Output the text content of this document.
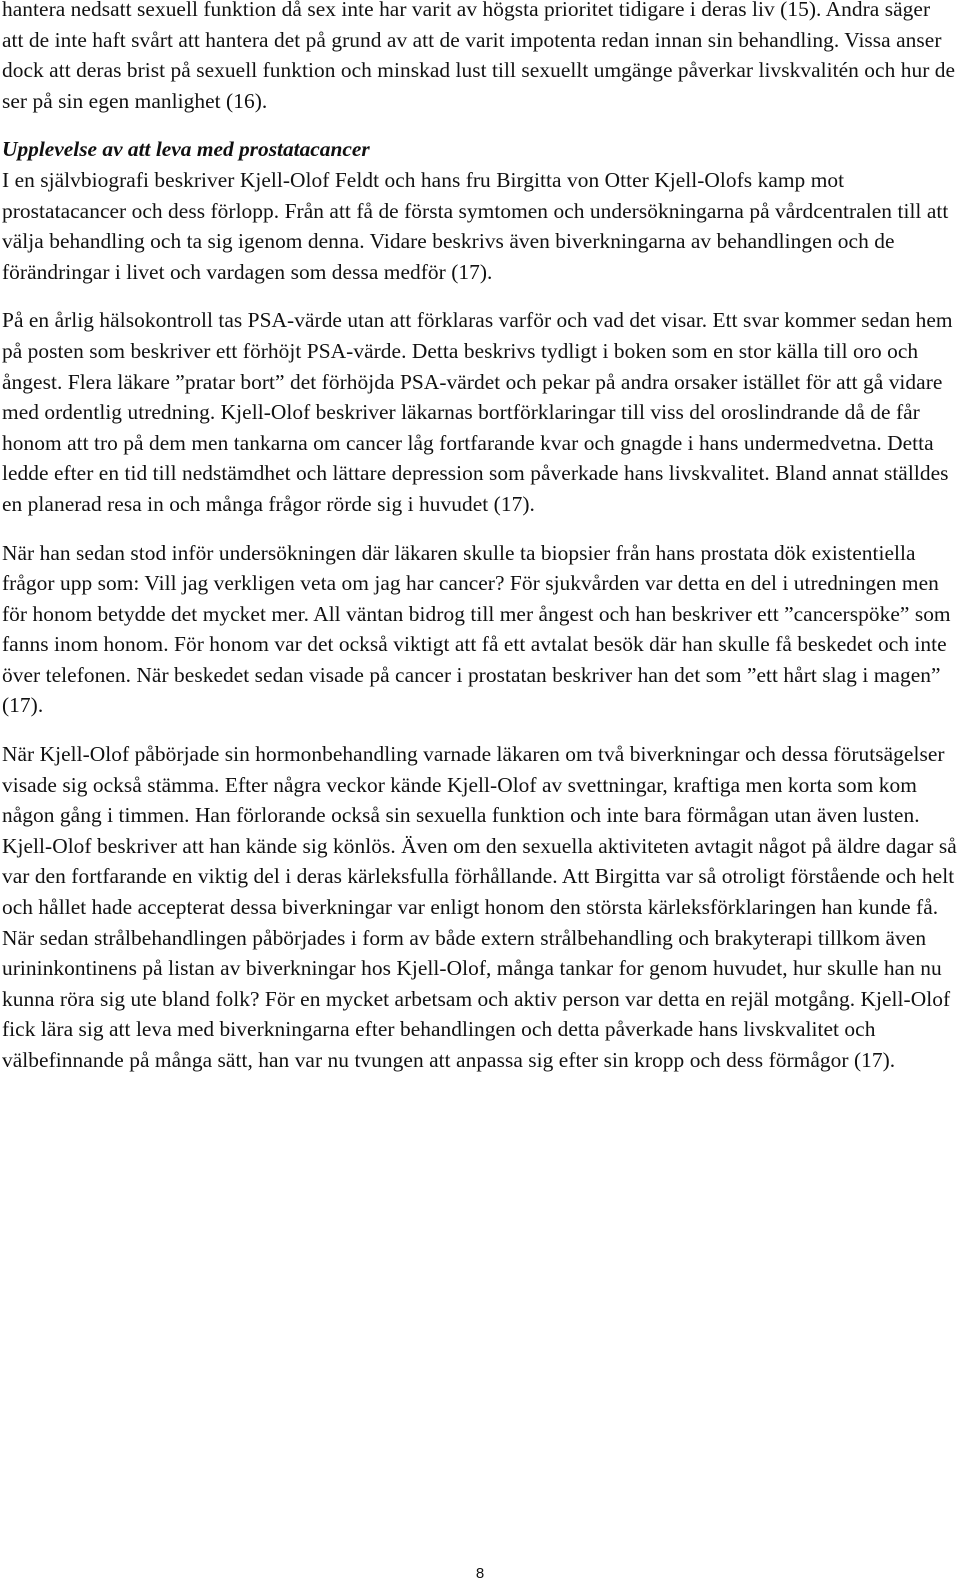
hantera nedsatt sexuell funktion då sex inte har varit av högsta prioritet tidigare i deras liv (15). Andra säger att de inte haft svårt att hantera det på grund av att de varit impotenta redan innan sin behandling. Vissa anser dock att deras brist på sexuell funktion och minskad lust till sexuellt umgänge påverkar livskvalitén och hur de ser på sin egen manlighet (16).

Upplevelse av att leva med prostatacancer

I en självbiografi beskriver Kjell-Olof Feldt och hans fru Birgitta von Otter Kjell-Olofs kamp mot prostatacancer och dess förlopp. Från att få de första symtomen och undersökningarna på vårdcentralen till att välja behandling och ta sig igenom denna. Vidare beskrivs även biverkningarna av behandlingen och de förändringar i livet och vardagen som dessa medför (17).

På en årlig hälsokontroll tas PSA-värde utan att förklaras varför och vad det visar. Ett svar kommer sedan hem på posten som beskriver ett förhöjt PSA-värde. Detta beskrivs tydligt i boken som en stor källa till oro och ångest. Flera läkare ”pratar bort” det förhöjda PSA-värdet och pekar på andra orsaker istället för att gå vidare med ordentlig utredning. Kjell-Olof beskriver läkarnas bortförklaringar till viss del oroslindrande då de får honom att tro på dem men tankarna om cancer låg fortfarande kvar och gnagde i hans undermedvetna. Detta ledde efter en tid till nedstämdhet och lättare depression som påverkade hans livskvalitet. Bland annat ställdes en planerad resa in och många frågor rörde sig i huvudet (17).

När han sedan stod inför undersökningen där läkaren skulle ta biopsier från hans prostata dök existentiella frågor upp som: Vill jag verkligen veta om jag har cancer? För sjukvården var detta en del i utredningen men för honom betydde det mycket mer. All väntan bidrog till mer ångest och han beskriver ett ”cancerspöke” som fanns inom honom. För honom var det också viktigt att få ett avtalat besök där han skulle få beskedet och inte över telefonen. När beskedet sedan visade på cancer i prostatan beskriver han det som ”ett hårt slag i magen” (17).

När Kjell-Olof påbörjade sin hormonbehandling varnade läkaren om två biverkningar och dessa förutsägelser visade sig också stämma. Efter några veckor kände Kjell-Olof av svettningar, kraftiga men korta som kom någon gång i timmen. Han förlorande också sin sexuella funktion och inte bara förmågan utan även lusten. Kjell-Olof beskriver att han kände sig könlös. Även om den sexuella aktiviteten avtagit något på äldre dagar så var den fortfarande en viktig del i deras kärleksfulla förhållande. Att Birgitta var så otroligt förstående och helt och hållet hade accepterat dessa biverkningar var enligt honom den största kärleksförklaringen han kunde få. När sedan strålbehandlingen påbörjades i form av både extern strålbehandling och brakyterapi tillkom även urininkontinens på listan av biverkningar hos Kjell-Olof, många tankar for genom huvudet, hur skulle han nu kunna röra sig ute bland folk? För en mycket arbetsam och aktiv person var detta en rejäl motgång. Kjell-Olof fick lära sig att leva med biverkningarna efter behandlingen och detta påverkade hans livskvalitet och välbefinnande på många sätt, han var nu tvungen att anpassa sig efter sin kropp och dess förmågor (17).

8
